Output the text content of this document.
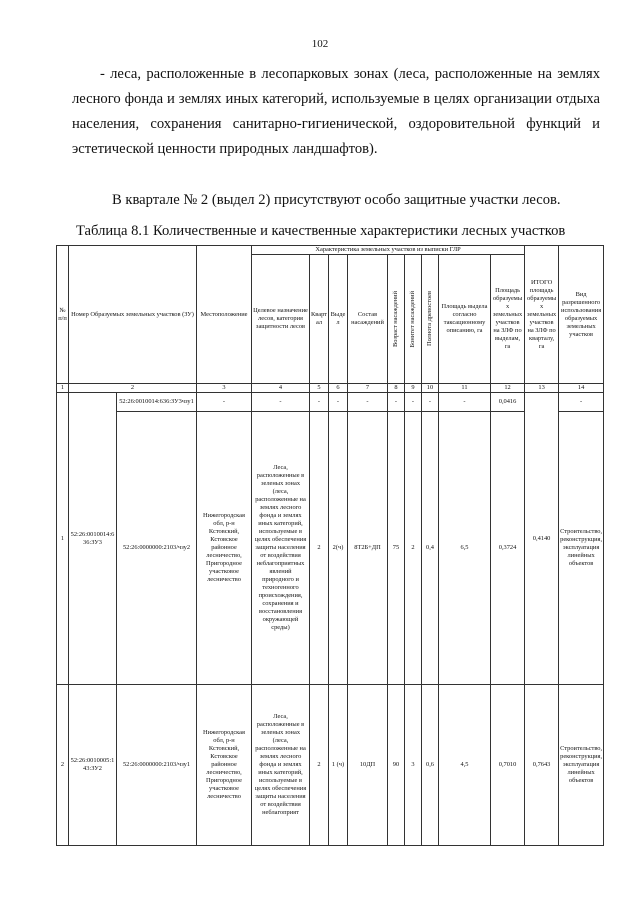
102
- леса, расположенные в лесопарковых зонах (леса, расположенные на землях лесного фонда и землях иных категорий, используемые в целях организации отдыха населения, сохранения санитарно-гигиенической, оздоровительной функций и эстетической ценности природных ландшафтов).
В квартале № 2 (выдел 2) присутствуют особо защитные участки лесов.
Таблица 8.1 Количественные и качественные характеристики лесных участков
№ п/п	Номер Образуемых земельных участков (ЗУ)		Местоположение	Характеристика земельных участков из выписки ГЛР									ИТОГО площадь образуемых земельных участков на ЗЛФ по кварталу, га	Вид разрешенного использования образуемых земельных участков
				Целевое назначение лесов, категория защитности лесов	Квартал	Выдел	Состав насаждений	Возраст насаждений	Бонитет насаждений	Полнота древостоев	Площадь выдела согласно таксационному описанию, га	Площадь образуемых земельных участков на ЗЛФ по выделам, га		
1	2		3	4	5	6	7	8	9	10	11	12	13	14
1	52:26:0010014:636:ЗУ3	52:26:0010014:636:ЗУ3чзу1	-	-	-	-	-	-	-	-	-	0,0416	0,4140	-
		52:26:0000000:2103/чзу2	Нижегородская обл, р-н Кстовский, Кстовское районное лесничество, Пригородное участковое лесничество	Леса, расположенные в зеленых зонах (леса, расположенные на землях лесного фонда и землях иных категорий, используемые в целях обеспечения защиты населения от воздействия неблагоприятных явлений природного и техногенного происхождения, сохранения и восстановления окружающей среды)	2	2(ч)	8Т2Б+ДП	75	2	0,4	6,5	0,3724		Строительство, реконструкция, эксплуатация линейных объектов
2	52:26:0010005:143:ЗУ2	52:26:0000000:2103/чзу1	Нижегородская обл, р-н Кстовский, Кстовское районное лесничество, Пригородное участковое лесничество	Леса, расположенные в зеленых зонах (леса, расположенные на землях лесного фонда и землях иных категорий, используемые в целях обеспечения защиты населения от воздействия неблагоприят	2	1 (ч)	10ДП	90	3	0,6	4,5	0,7010	0,7643	Строительство, реконструкция, эксплуатация линейных объектов
